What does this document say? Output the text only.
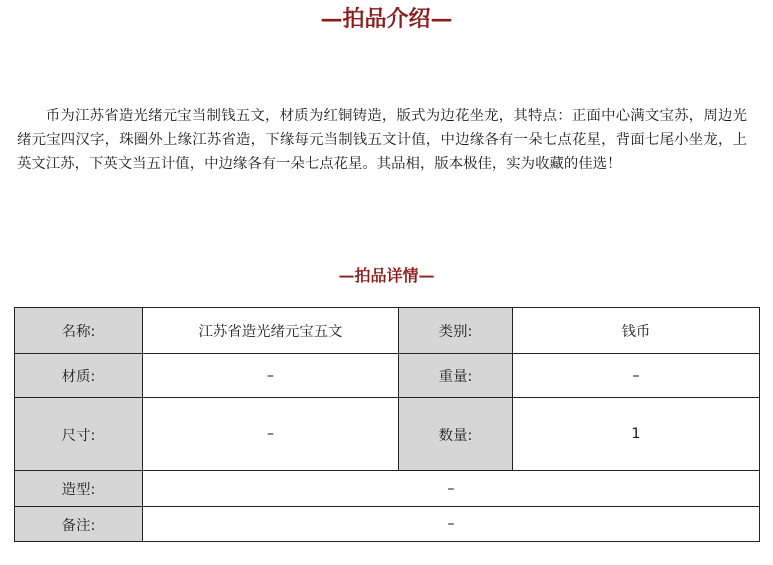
—拍品介绍—

币为江苏省造光绪元宝当制钱五文，材质为红铜铸造，版式为边花坐龙，其特点：正面中心满文宝苏，周边光绪元宝四汉字，珠圈外上缘江苏省造，下缘每元当制钱五文计值，中边缘各有一朵七点花星，背面七尾小坐龙，上英文江苏，下英文当五计值，中边缘各有一朵七点花星。其品相，版本极佳，实为收藏的佳选！

—拍品详情—
名称:	江苏省造光绪元宝五文	类别:	钱币
材质:	–	重量:	–
尺寸:	–	数量:	1
造型:	–		
备注:	–		
